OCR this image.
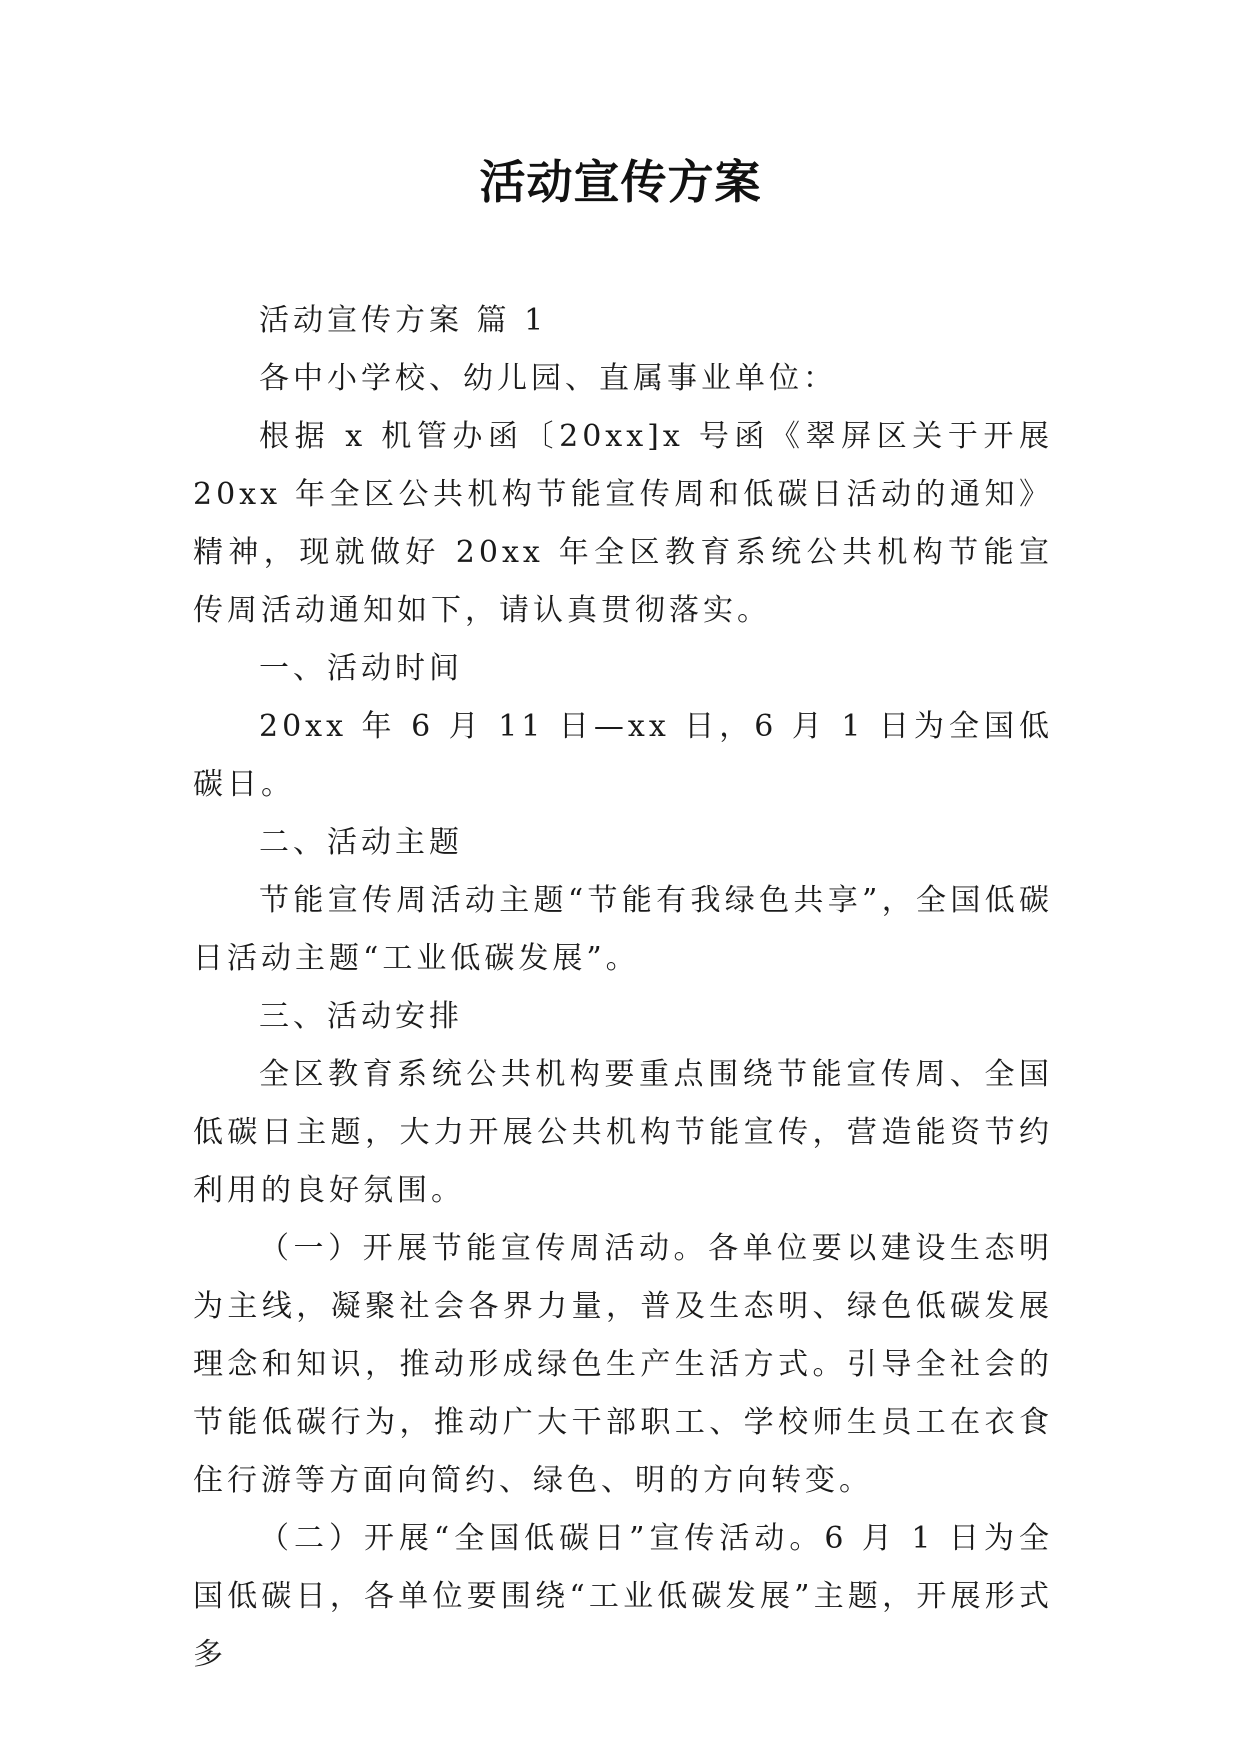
活动宣传方案

活动宣传方案 篇 1

各中小学校、幼儿园、直属事业单位：

根据 x 机管办函〔20xx]x 号函《翠屏区关于开展 20xx 年全区公共机构节能宣传周和低碳日活动的通知》精神，现就做好 20xx 年全区教育系统公共机构节能宣传周活动通知如下，请认真贯彻落实。

一、活动时间

20xx 年 6 月 11 日—xx 日，6 月 1 日为全国低碳日。

二、活动主题

节能宣传周活动主题“节能有我绿色共享”，全国低碳日活动主题“工业低碳发展”。

三、活动安排

全区教育系统公共机构要重点围绕节能宣传周、全国低碳日主题，大力开展公共机构节能宣传，营造能资节约利用的良好氛围。

（一）开展节能宣传周活动。各单位要以建设生态明为主线，凝聚社会各界力量，普及生态明、绿色低碳发展理念和知识，推动形成绿色生产生活方式。引导全社会的节能低碳行为，推动广大干部职工、学校师生员工在衣食住行游等方面向简约、绿色、明的方向转变。

（二）开展“全国低碳日”宣传活动。6 月 1 日为全国低碳日，各单位要围绕“工业低碳发展”主题，开展形式多
